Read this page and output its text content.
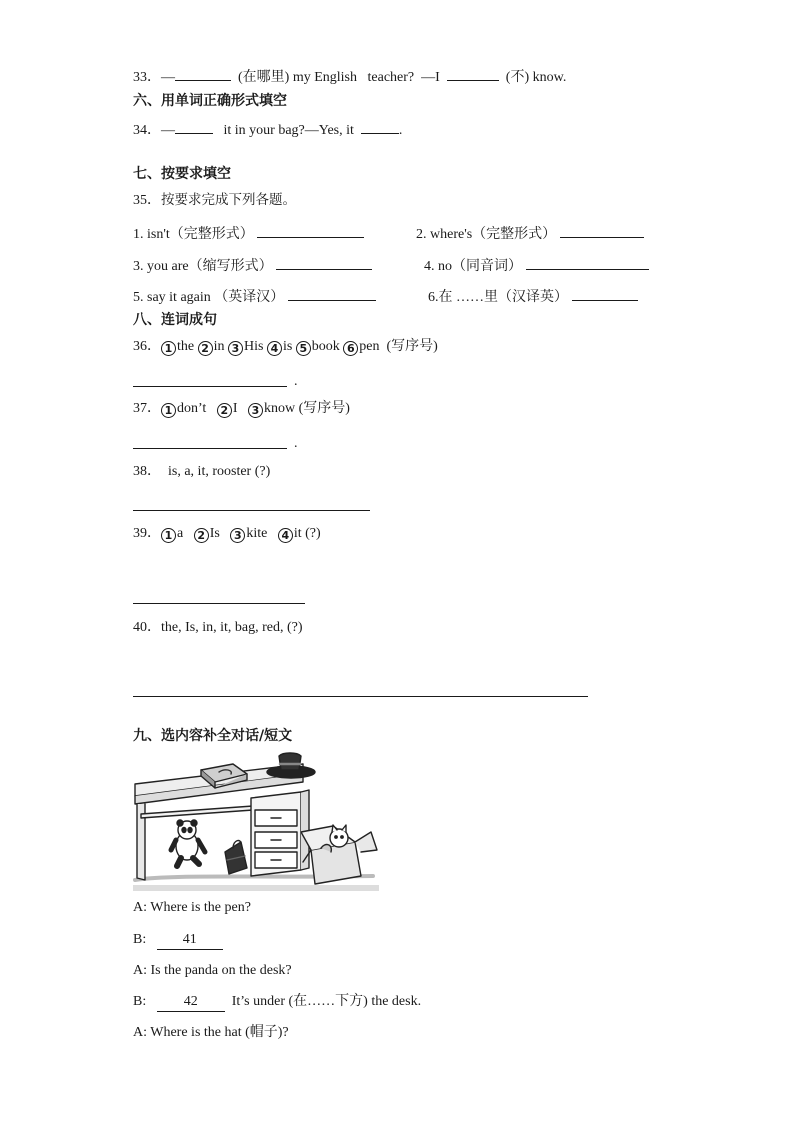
33．—	(在哪里) my English teacher? —I	(不) know.
六、用单词正确形式填空
34．—	it in your bag?—Yes, it	.
七、按要求填空
35．按要求完成下列各题。
1. isn't（完整形式）	2. where's（完整形式）
3. you are（缩写形式）	4. no（同音词）
5. say it again （英译汉）	6.在 ……里（汉译英）
八、连词成句
36． 1 the 2 in 3 His 4 is 5 book 6 pen (写序号)
.
37． 1 don’t 2 I 3 know (写序号)
.
38． is, a, it, rooster (?)
39． 1 a 2 Is 3 kite 4 it (?)
40．the, Is, in, it, bag, red, (?)
九、选内容补全对话/短文
A: Where is the pen?
B:	41
A: Is the panda on the desk?
B:	42 It’s under (在……下方) the desk.
A: Where is the hat (帽子)?
